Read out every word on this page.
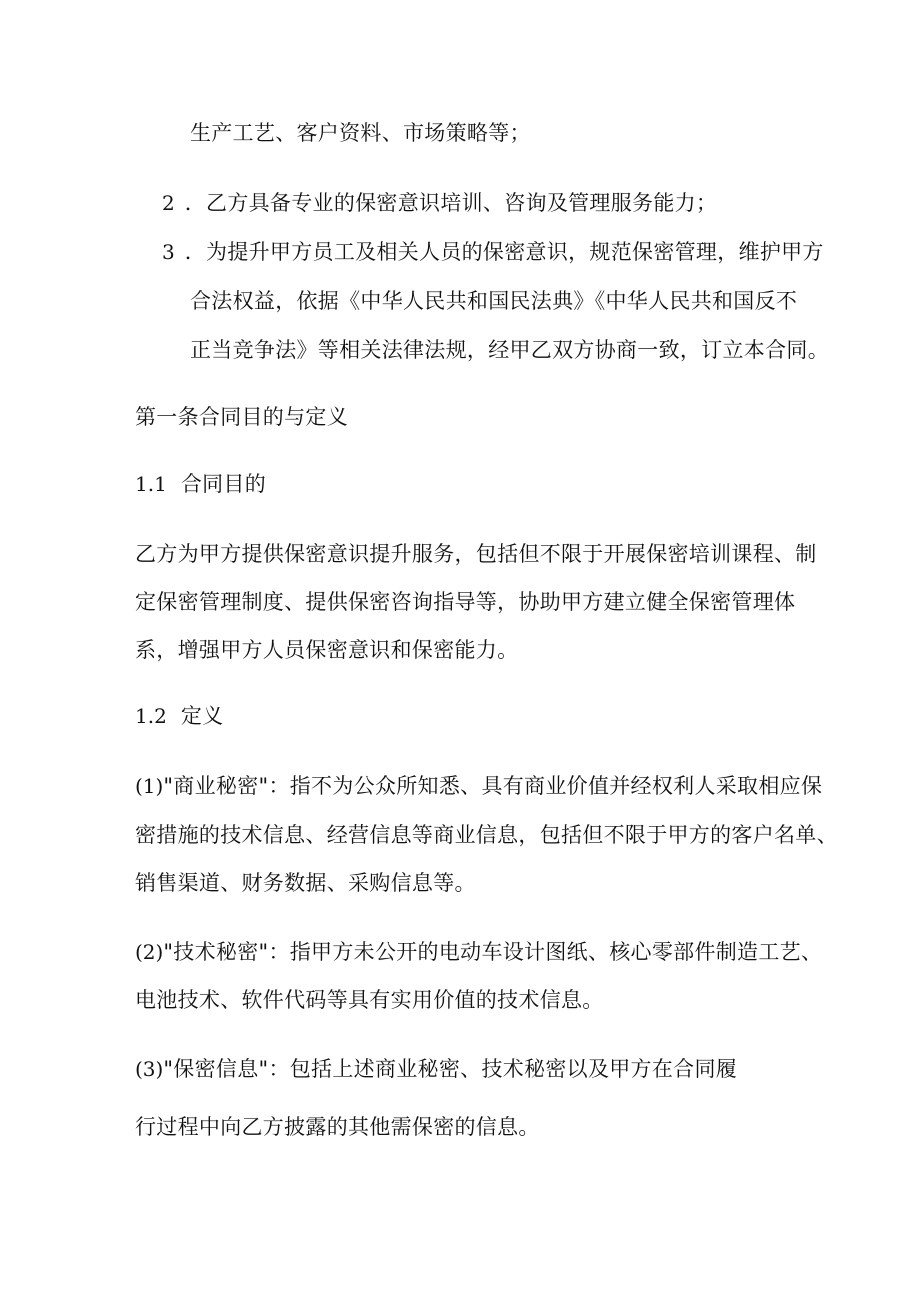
生产工艺、客户资料、市场策略等；
2 ．乙方具备专业的保密意识培训、咨询及管理服务能力；
3 ．为提升甲方员工及相关人员的保密意识，规范保密管理，维护甲方
合法权益，依据《中华人民共和国民法典》《中华人民共和国反不
正当竞争法》等相关法律法规，经甲乙双方协商一致，订立本合同。
第一条合同目的与定义
1.1 合同目的
乙方为甲方提供保密意识提升服务，包括但不限于开展保密培训课程、制
定保密管理制度、提供保密咨询指导等，协助甲方建立健全保密管理体
系，增强甲方人员保密意识和保密能力。
1.2 定义
(1)"商业秘密"：指不为公众所知悉、具有商业价值并经权利人采取相应保
密措施的技术信息、经营信息等商业信息，包括但不限于甲方的客户名单、
销售渠道、财务数据、采购信息等。
(2)"技术秘密"：指甲方未公开的电动车设计图纸、核心零部件制造工艺、
电池技术、软件代码等具有实用价值的技术信息。
(3)"保密信息"：包括上述商业秘密、技术秘密以及甲方在合同履
行过程中向乙方披露的其他需保密的信息。
